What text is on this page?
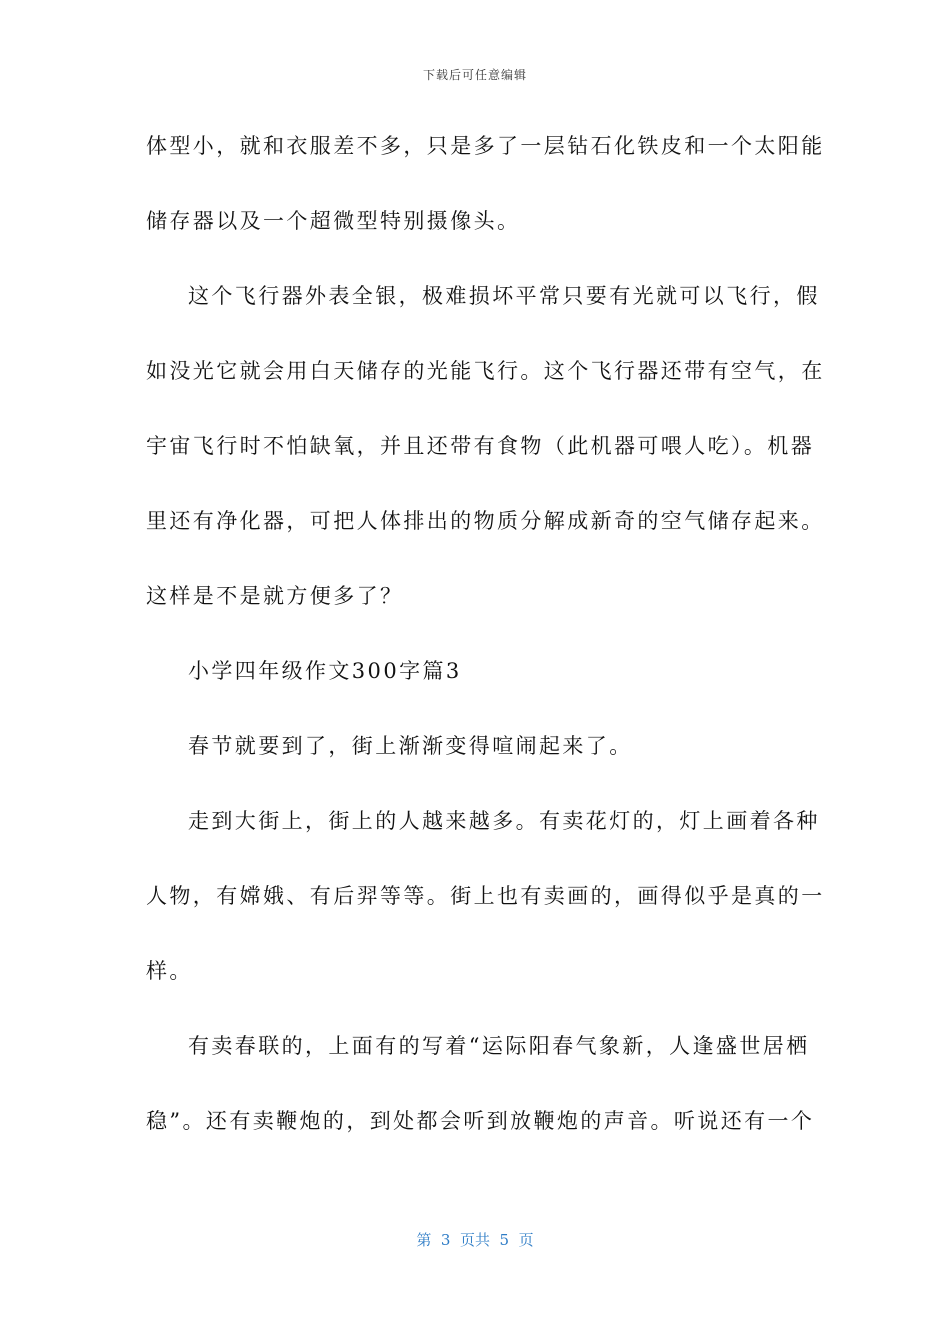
下载后可任意编辑
体型小，就和衣服差不多，只是多了一层钻石化铁皮和一个太阳能
储存器以及一个超微型特别摄像头。
这个飞行器外表全银，极难损坏平常只要有光就可以飞行，假
如没光它就会用白天储存的光能飞行。这个飞行器还带有空气，在
宇宙飞行时不怕缺氧，并且还带有食物（此机器可喂人吃）。机器
里还有净化器，可把人体排出的物质分解成新奇的空气储存起来。
这样是不是就方便多了？
小学四年级作文300字篇3
春节就要到了，街上渐渐变得喧闹起来了。
走到大街上，街上的人越来越多。有卖花灯的，灯上画着各种
人物，有嫦娥、有后羿等等。街上也有卖画的，画得似乎是真的一
样。
有卖春联的，上面有的写着“运际阳春气象新，人逢盛世居栖
稳”。还有卖鞭炮的，到处都会听到放鞭炮的声音。听说还有一个
第  3  页共  5  页
